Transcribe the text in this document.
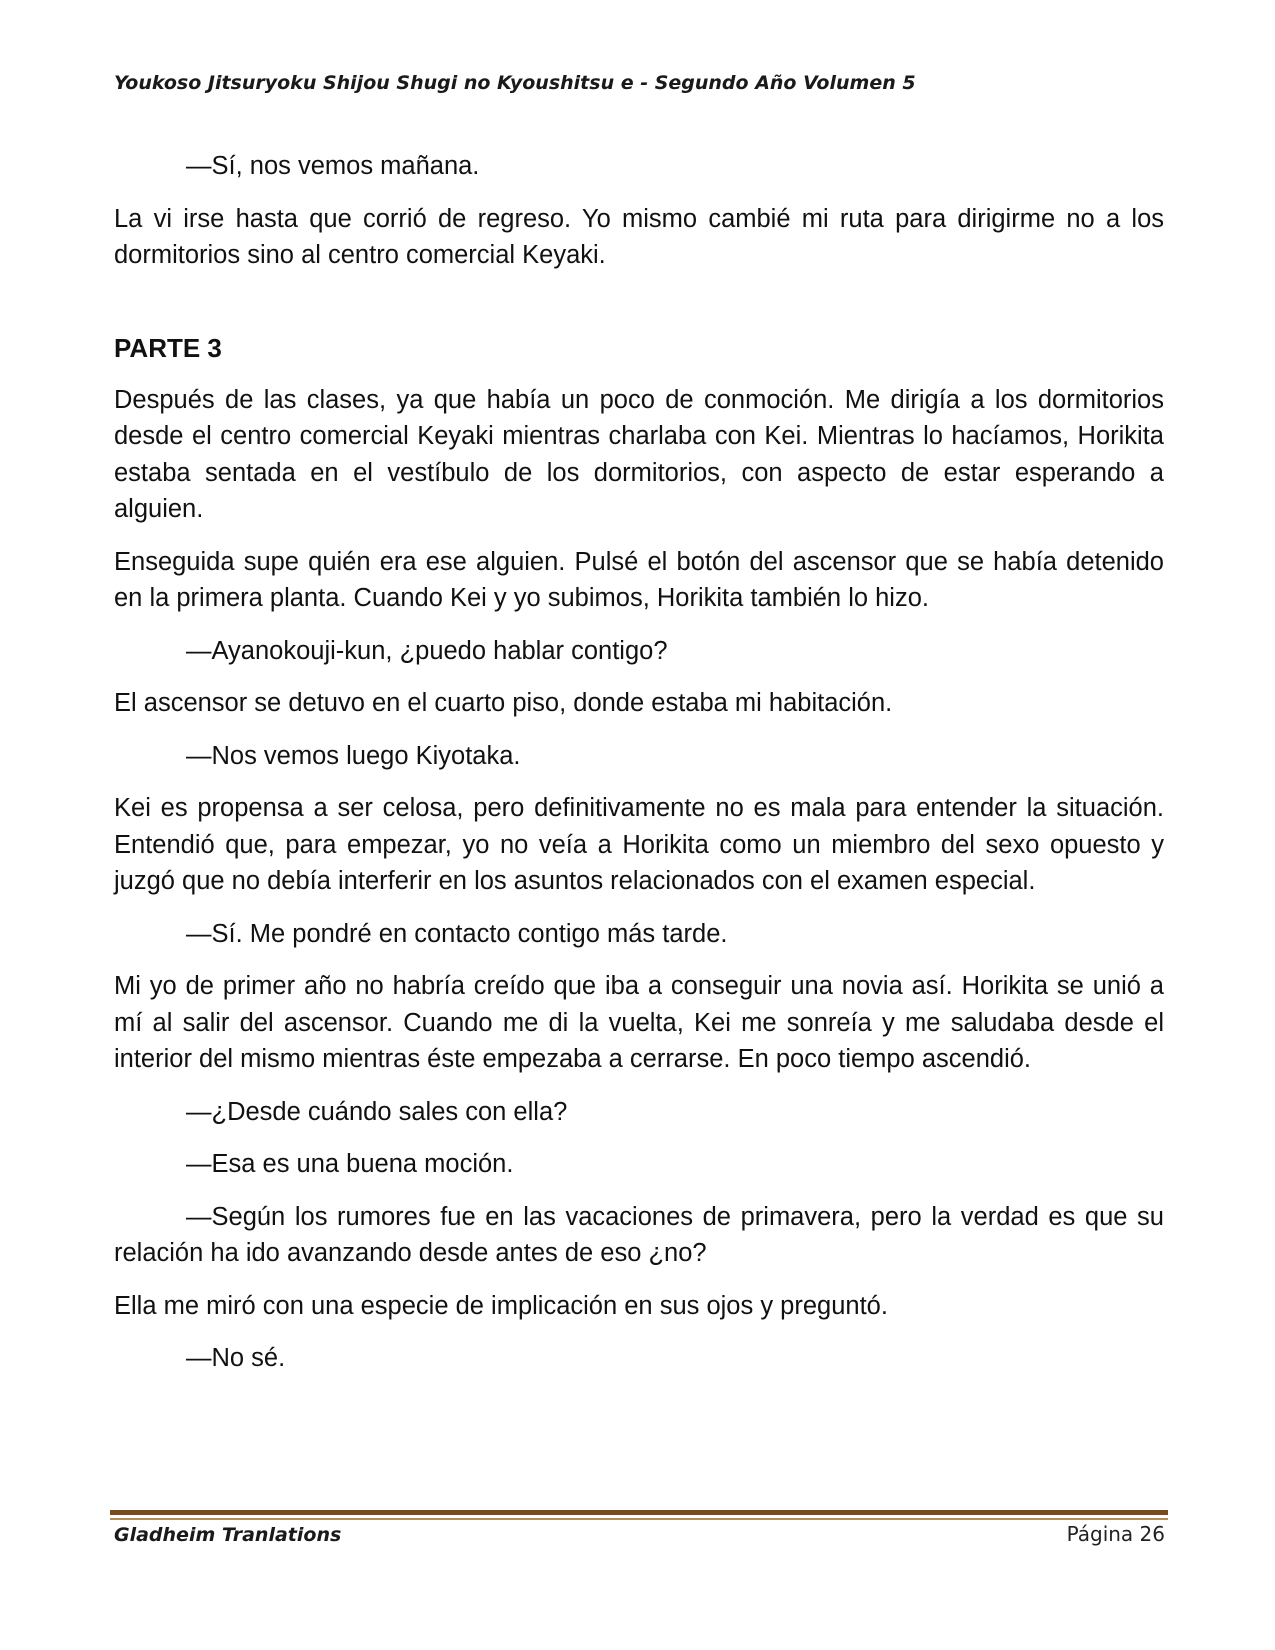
Youkoso Jitsuryoku Shijou Shugi no Kyoushitsu e - Segundo Año Volumen 5

—Sí, nos vemos mañana.

La vi irse hasta que corrió de regreso. Yo mismo cambié mi ruta para dirigirme no a los dormitorios sino al centro comercial Keyaki.

PARTE 3

Después de las clases, ya que había un poco de conmoción. Me dirigía a los dormitorios desde el centro comercial Keyaki mientras charlaba con Kei. Mientras lo hacíamos, Horikita estaba sentada en el vestíbulo de los dormitorios, con aspecto de estar esperando a alguien.

Enseguida supe quién era ese alguien. Pulsé el botón del ascensor que se había detenido en la primera planta. Cuando Kei y yo subimos, Horikita también lo hizo.

—Ayanokouji-kun, ¿puedo hablar contigo?

El ascensor se detuvo en el cuarto piso, donde estaba mi habitación.

—Nos vemos luego Kiyotaka.

Kei es propensa a ser celosa, pero definitivamente no es mala para entender la situación. Entendió que, para empezar, yo no veía a Horikita como un miembro del sexo opuesto y juzgó que no debía interferir en los asuntos relacionados con el examen especial.

—Sí. Me pondré en contacto contigo más tarde.

Mi yo de primer año no habría creído que iba a conseguir una novia así. Horikita se unió a mí al salir del ascensor. Cuando me di la vuelta, Kei me sonreía y me saludaba desde el interior del mismo mientras éste empezaba a cerrarse. En poco tiempo ascendió.

—¿Desde cuándo sales con ella?

—Esa es una buena moción.

—Según los rumores fue en las vacaciones de primavera, pero la verdad es que su relación ha ido avanzando desde antes de eso ¿no?

Ella me miró con una especie de implicación en sus ojos y preguntó.

—No sé.

Gladheim Tranlations	Página 26
